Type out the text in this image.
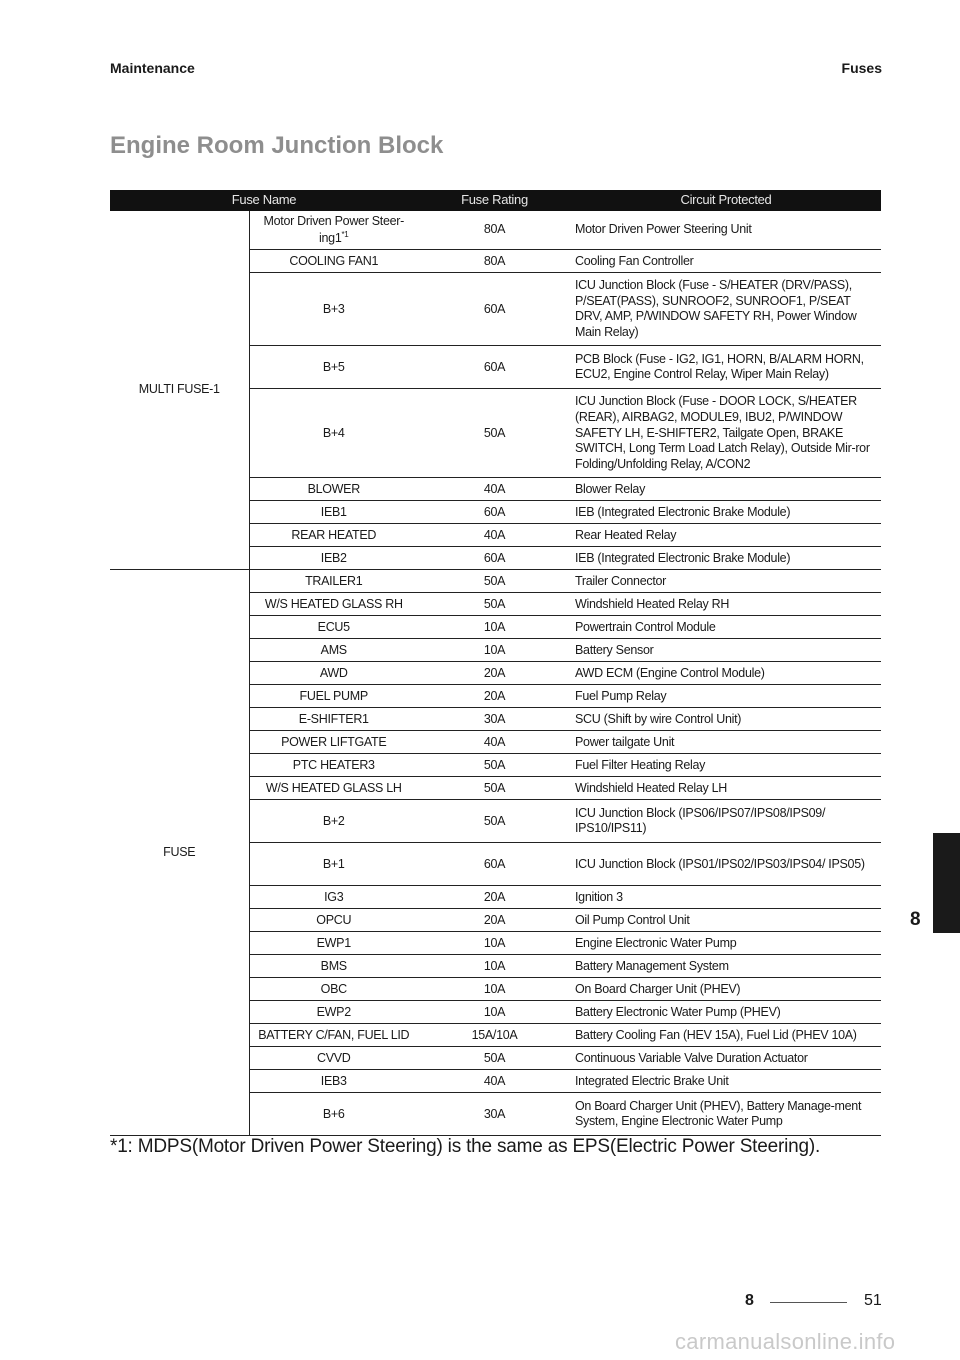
Maintenance	Fuses
Engine Room Junction Block
Fuse Name		Fuse Rating	Circuit Protected
MULTI FUSE-1	Motor Driven Power Steer-ing1$^{*1}$	80A	Motor Driven Power Steering Unit
	COOLING FAN1	80A	Cooling Fan Controller
	B+3	60A	ICU Junction Block (Fuse - S/HEATER (DRV/PASS), P/SEAT(PASS), SUNROOF2, SUNROOF1, P/SEAT DRV, AMP, P/WINDOW SAFETY RH, Power Window Main Relay)
	B+5	60A	PCB Block (Fuse - IG2, IG1, HORN, B/ALARM HORN, ECU2, Engine Control Relay, Wiper Main Relay)
	B+4	50A	ICU Junction Block (Fuse - DOOR LOCK, S/HEATER (REAR), AIRBAG2, MODULE9, IBU2, P/WINDOW SAFETY LH, E-SHIFTER2, Tailgate Open, BRAKE SWITCH, Long Term Load Latch Relay), Outside Mir-ror Folding/Unfolding Relay, A/CON2
	BLOWER	40A	Blower Relay
	IEB1	60A	IEB (Integrated Electronic Brake Module)
	REAR HEATED	40A	Rear Heated Relay
	IEB2	60A	IEB (Integrated Electronic Brake Module)
FUSE	TRAILER1	50A	Trailer Connector
	W/S HEATED GLASS RH	50A	Windshield Heated Relay RH
	ECU5	10A	Powertrain Control Module
	AMS	10A	Battery Sensor
	AWD	20A	AWD ECM (Engine Control Module)
	FUEL PUMP	20A	Fuel Pump Relay
	E-SHIFTER1	30A	SCU (Shift by wire Control Unit)
	POWER LIFTGATE	40A	Power tailgate Unit
	PTC HEATER3	50A	Fuel Filter Heating Relay
	W/S HEATED GLASS LH	50A	Windshield Heated Relay LH
	B+2	50A	ICU Junction Block (IPS06/IPS07/IPS08/IPS09/ IPS10/IPS11)
	B+1	60A	ICU Junction Block (IPS01/IPS02/IPS03/IPS04/ IPS05)
	IG3	20A	Ignition 3
	OPCU	20A	Oil Pump Control Unit
	EWP1	10A	Engine Electronic Water Pump
	BMS	10A	Battery Management System
	OBC	10A	On Board Charger Unit (PHEV)
	EWP2	10A	Battery Electronic Water Pump (PHEV)
	BATTERY C/FAN, FUEL LID	15A/10A	Battery Cooling Fan (HEV 15A), Fuel Lid (PHEV 10A)
	CVVD	50A	Continuous Variable Valve Duration Actuator
	IEB3	40A	Integrated Electric Brake Unit
	B+6	30A	On Board Charger Unit (PHEV), Battery Manage-ment System, Engine Electronic Water Pump

*1: MDPS(Motor Driven Power Steering) is the same as EPS(Electric Power Steering).

8
8	51
carmanualsonline.info
